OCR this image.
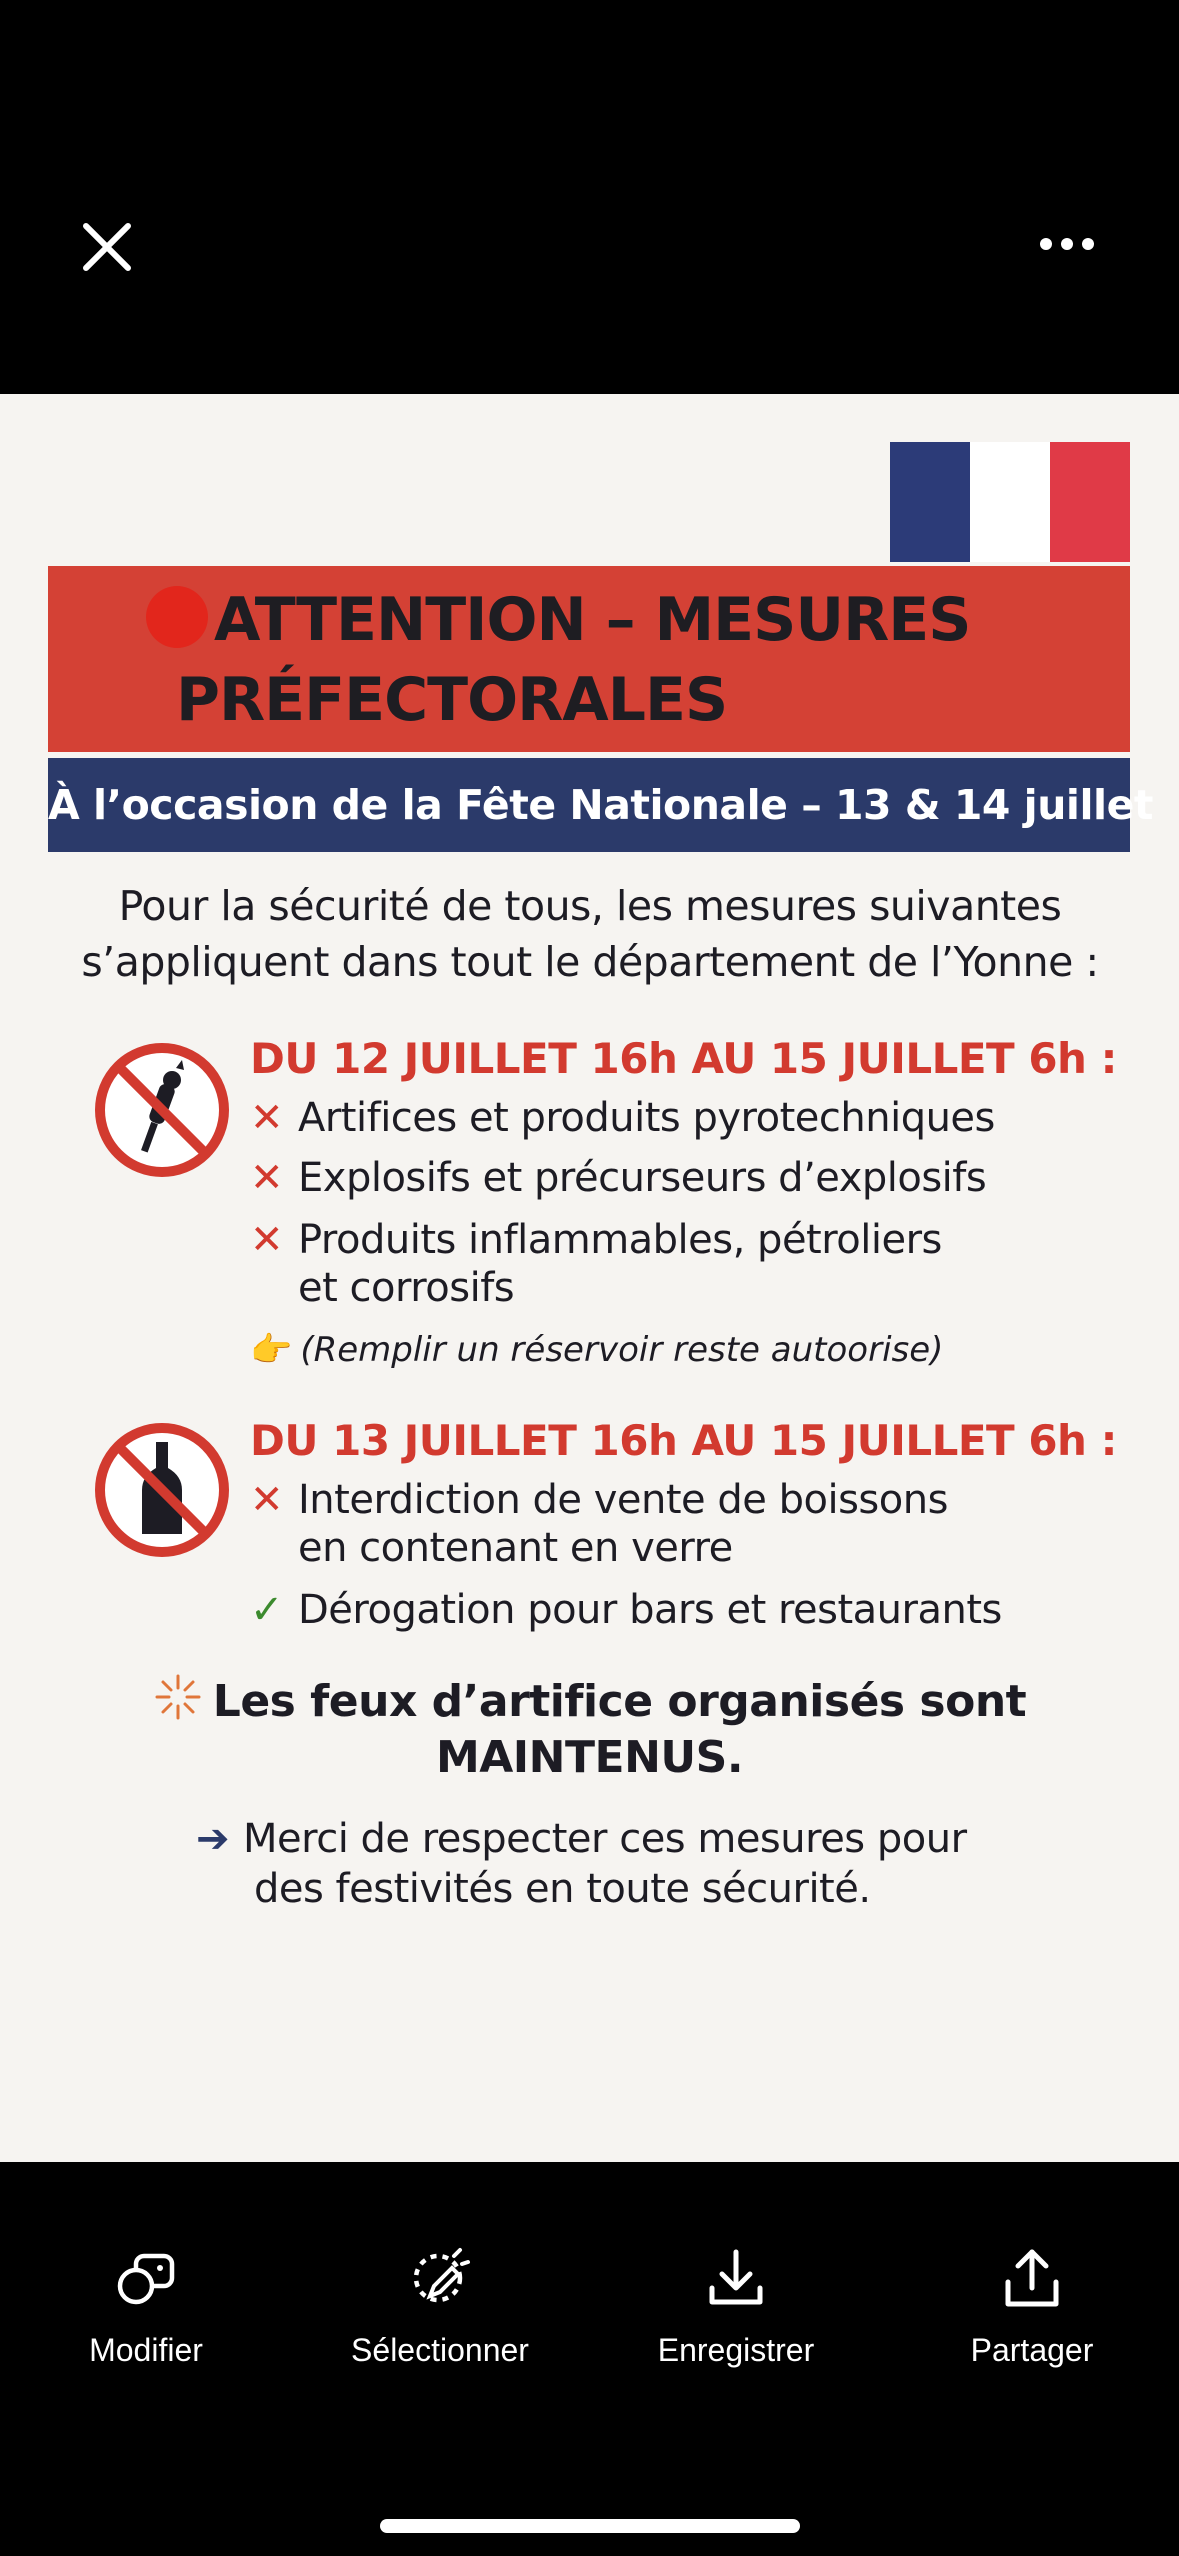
ATTENTION – MESURES
PRÉFECTORALES
À l’occasion de la Fête Nationale – 13 & 14 juillet
Pour la sécurité de tous, les mesures suivantes
s’appliquent dans tout le département de l’Yonne :
DU 12 JUILLET 16h AU 15 JUILLET 6h :
✕ Artifices et produits pyrotechniques
✕ Explosifs et précurseurs d’explosifs
✕ Produits inflammables, pétroliers
et corrosifs
👉 (Remplir un réservoir reste autoorise)
DU 13 JUILLET 16h AU 15 JUILLET 6h :
✕ Interdiction de vente de boissons
en contenant en verre
✓ Dérogation pour bars et restaurants
Les feux d’artifice organisés sont
MAINTENUS.
➔ Merci de respecter ces mesures pour
des festivités en toute sécurité.
Modifier	Sélectionner	Enregistrer	Partager
